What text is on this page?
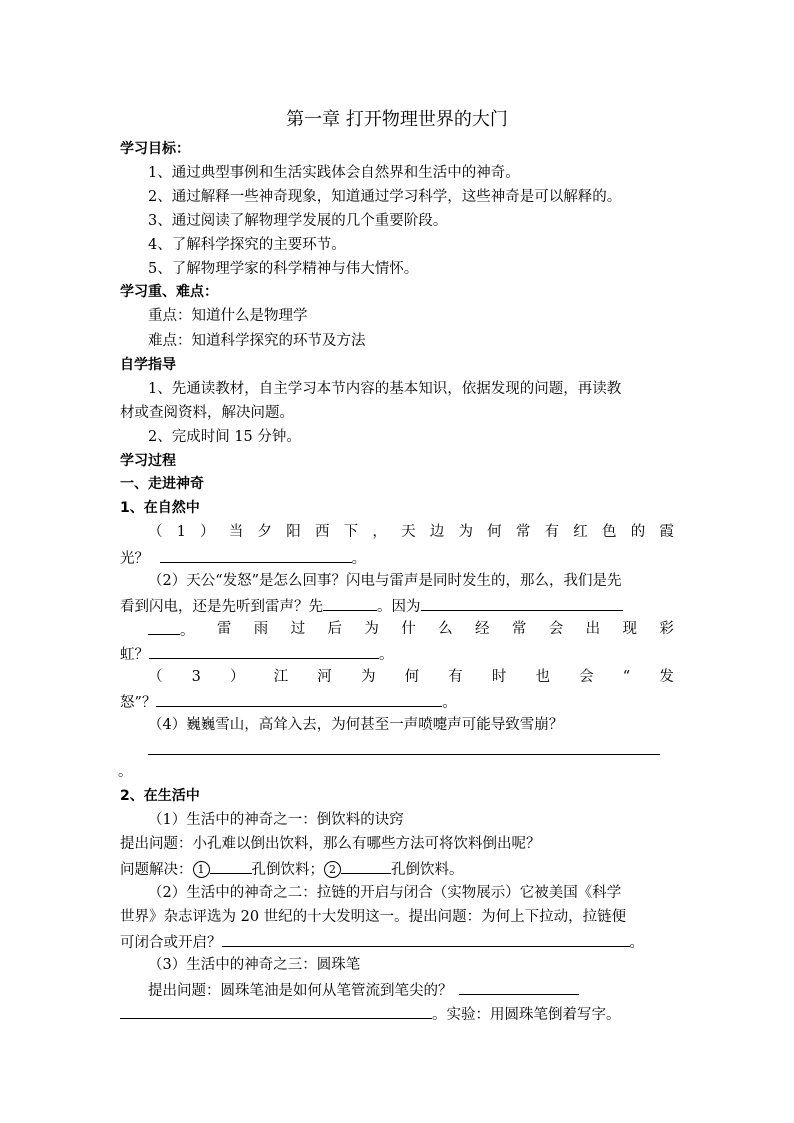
第一章 打开物理世界的大门
学习目标：
1、通过典型事例和生活实践体会自然界和生活中的神奇。
2、通过解释一些神奇现象，知道通过学习科学，这些神奇是可以解释的。
3、通过阅读了解物理学发展的几个重要阶段。
4、了解科学探究的主要环节。
5、了解物理学家的科学精神与伟大情怀。
学习重、难点：
重点：知道什么是物理学
难点：知道科学探究的环节及方法
自学指导
1、先通读教材，自主学习本节内容的基本知识，依据发现的问题，再读教
材或查阅资料，解决问题。
2、完成时间 15 分钟。
学习过程
一、走进神奇
1、在自然中
（ 1 ） 当 夕 阳 西 下 ， 天 边 为 何 常 有 红 色 的 霞
光？	。
（2）天公“发怒”是怎么回事？闪电与雷声是同时发生的，那么，我们是先
看到闪电，还是先听到雷声？先	。因为
。 雷 雨 过 后 为 什 么 经 常 会 出 现 彩
虹？	。
（ 3 ） 江 河 为 何 有 时 也 会 “ 发
怒”？	。
（4）巍巍雪山，高耸入去，为何甚至一声喷嚏声可能导致雪崩？
。
2、在生活中
（1）生活中的神奇之一：倒饮料的诀窍
提出问题：小孔难以倒出饮料，那么有哪些方法可将饮料倒出呢？
问题解决： 1	孔倒饮料； 2	孔倒饮料。
（2）生活中的神奇之二：拉链的开启与闭合（实物展示）它被美国《科学
世界》杂志评选为 20 世纪的十大发明这一。提出问题：为何上下拉动，拉链便
可闭合或开启？	。
（3）生活中的神奇之三：圆珠笔
提出问题：圆珠笔油是如何从笔管流到笔尖的？
。实验：用圆珠笔倒着写字。
